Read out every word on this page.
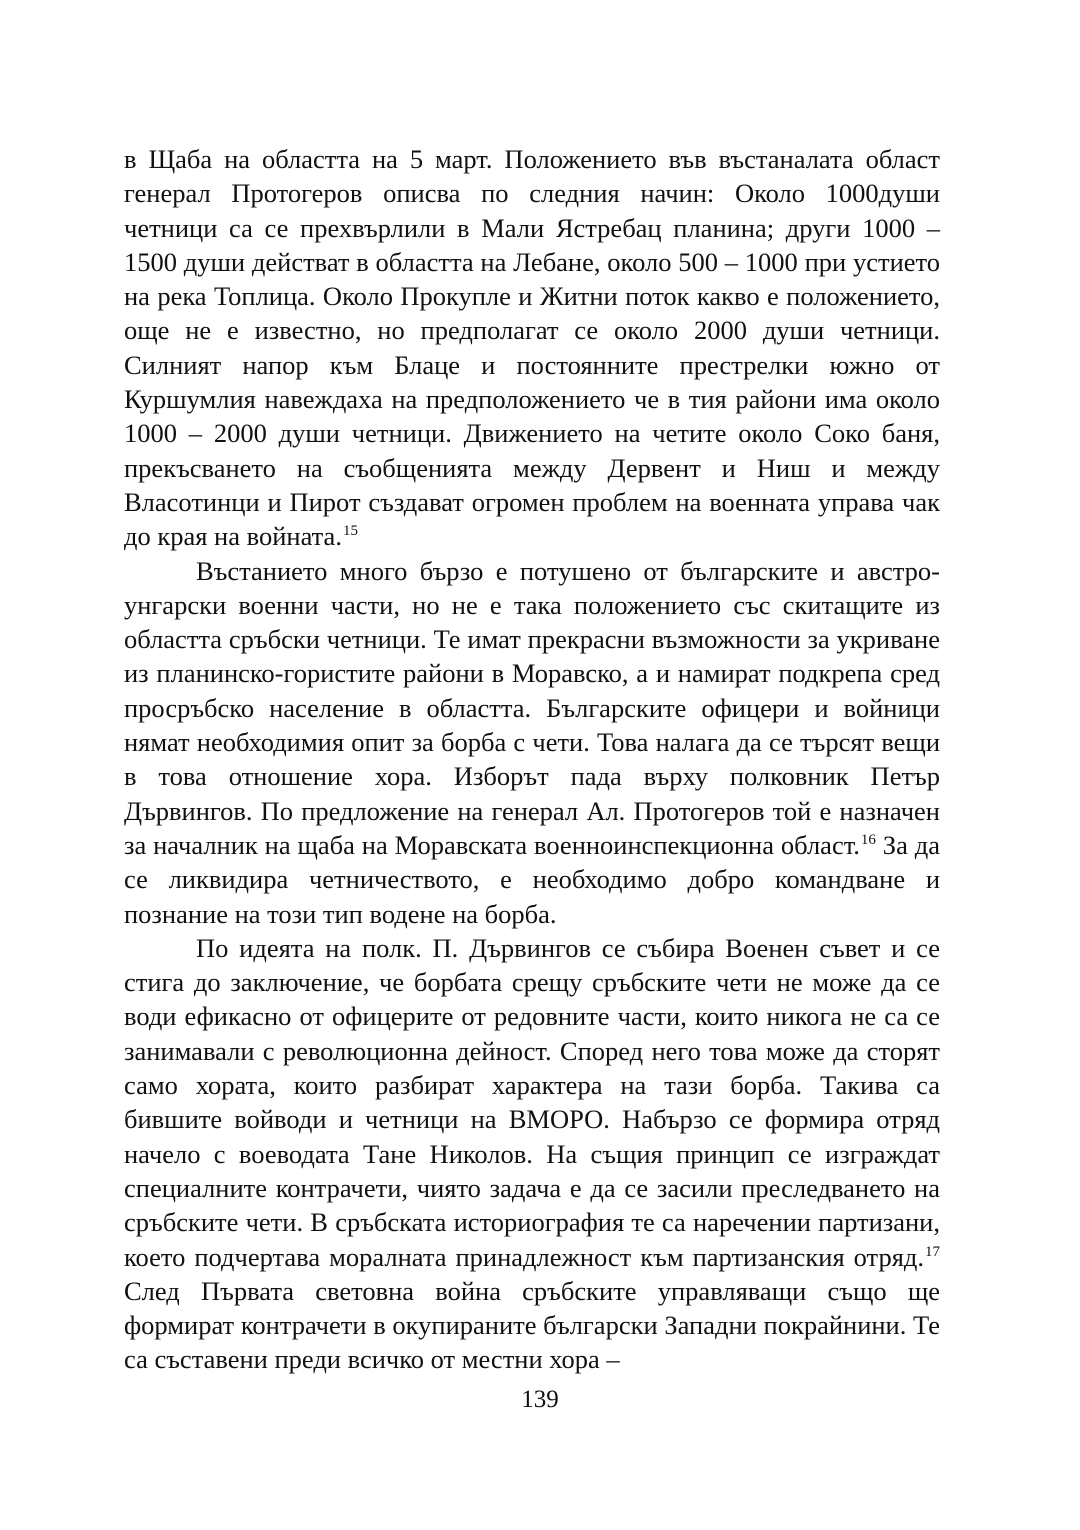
в Щаба на областта на 5 март. Положението във въстаналата област генерал Протогеров описва по следния начин: Около 1000души четници са се прехвърлили в Мали Ястребац планина; други 1000 – 1500 души действат в областта на Лебане, около 500 – 1000 при устието на река Топлица. Около Прокупле и Житни поток какво е положението, още не е известно, но предполагат се около 2000 души четници. Силният напор към Блаце и постоянните престрелки южно от Куршумлия навеждаха на предположението че в тия райони има около 1000 – 2000 души четници. Движението на четите около Соко баня, прекъсването на съобщенията между Дервент и Ниш и между Власотинци и Пирот създават огромен проблем на военната управа чак до края на войната.$^{15}$

Въстанието много бързо е потушено от българските и австро-унгарски военни части, но не е така положението със скитащите из областта сръбски четници. Те имат прекрасни възможности за укриване из планинско-гористите райони в Моравско, а и намират подкрепа сред просръбско население в областта. Българските офицери и войници нямат необходимия опит за борба с чети. Това налага да се търсят вещи в това отношение хора. Изборът пада върху полковник Петър Дървингов. По предложение на генерал Ал. Протогеров той е назначен за началник на щаба на Моравската военноинспекционна област.$^{16}$ За да се ликвидира четничеството, е необходимо добро командване и познание на този тип водене на борба.

По идеята на полк. П. Дървингов се събира Военен съвет и се стига до заключение, че борбата срещу сръбските чети не може да се води ефикасно от офицерите от редовните части, които никога не са се занимавали с революционна дейност. Според него това може да сторят само хората, които разбират характера на тази борба. Такива са бившите войводи и четници на ВМОРО. Набързо се формира отряд начело с воеводата Тане Николов. На същия принцип се изграждат специалните контрачети, чиято задача е да се засили преследването на сръбските чети. В сръбската историография те са наречении партизани, което подчертава моралната принадлежност към партизанския отряд.$^{17}$ След Първата световна война сръбските управляващи също ще формират контрачети в окупираните български Западни покрайнини. Те са съставени преди всичко от местни хора –

139
